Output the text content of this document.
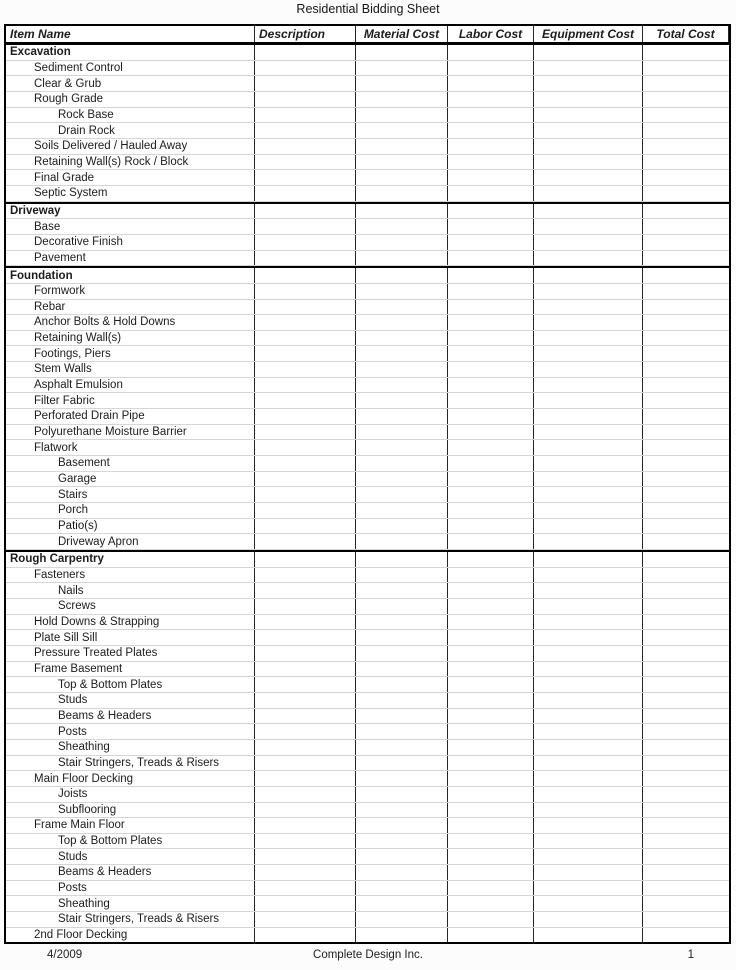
Residential Bidding Sheet
Item Name	Description	Material Cost	Labor Cost	Equipment Cost	Total Cost
Excavation
Sediment Control
Clear & Grub
Rough Grade
Rock Base
Drain Rock
Soils Delivered / Hauled Away
Retaining Wall(s) Rock / Block
Final Grade
Septic System
Driveway
Base
Decorative Finish
Pavement
Foundation
Formwork
Rebar
Anchor Bolts & Hold Downs
Retaining Wall(s)
Footings, Piers
Stem Walls
Asphalt Emulsion
Filter Fabric
Perforated Drain Pipe
Polyurethane Moisture Barrier
Flatwork
Basement
Garage
Stairs
Porch
Patio(s)
Driveway Apron
Rough Carpentry
Fasteners
Nails
Screws
Hold Downs & Strapping
Plate Sill Sill
Pressure Treated Plates
Frame Basement
Top & Bottom Plates
Studs
Beams & Headers
Posts
Sheathing
Stair Stringers, Treads & Risers
Main Floor Decking
Joists
Subflooring
Frame Main Floor
Top & Bottom Plates
Studs
Beams & Headers
Posts
Sheathing
Stair Stringers, Treads & Risers
2nd Floor Decking
4/2009	Complete Design Inc.	1
